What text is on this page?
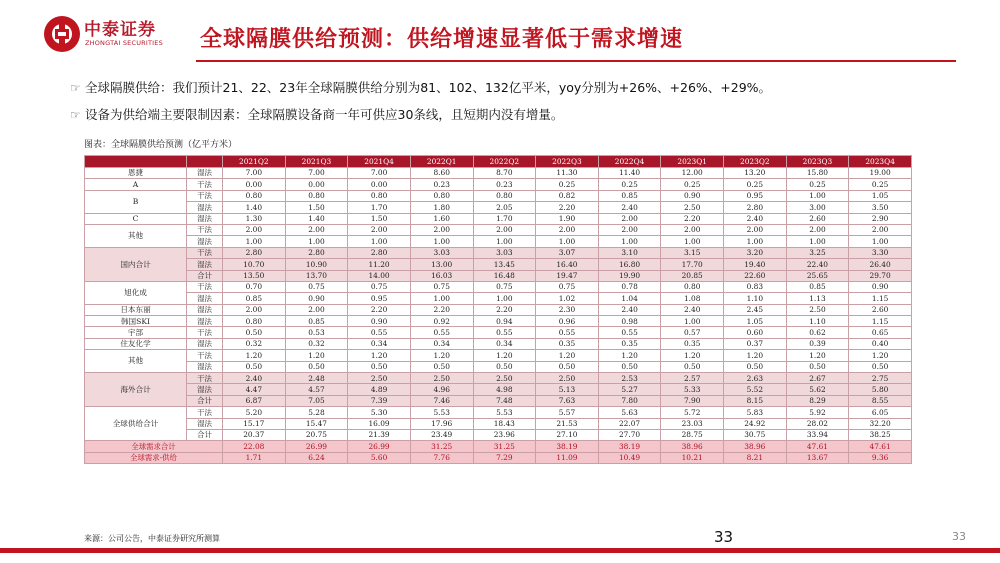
中泰证券
ZHONGTAI SECURITIES 全球隔膜供给预测：供给增速显著低于需求增速
☞ 全球隔膜供给：我们预计21、22、23年全球隔膜供给分别为81、102、132亿平米，yoy分别为+26%、+26%、+29%。
☞ 设备为供给端主要限制因素：全球隔膜设备商一年可供应30条线，且短期内没有增量。
图表：全球隔膜供给预测（亿平方米）
		2021Q2	2021Q3	2021Q4	2022Q1	2022Q2	2022Q3	2022Q4	2023Q1	2023Q2	2023Q3	2023Q4
恩捷	湿法	7.00	7.00	7.00	8.60	8.70	11.30	11.40	12.00	13.20	15.80	19.00
A	干法	0.00	0.00	0.00	0.23	0.23	0.25	0.25	0.25	0.25	0.25	0.25
B	干法	0.80	0.80	0.80	0.80	0.80	0.82	0.85	0.90	0.95	1.00	1.05
	湿法	1.40	1.50	1.70	1.80	2.05	2.20	2.40	2.50	2.80	3.00	3.50
C	湿法	1.30	1.40	1.50	1.60	1.70	1.90	2.00	2.20	2.40	2.60	2.90
其他	干法	2.00	2.00	2.00	2.00	2.00	2.00	2.00	2.00	2.00	2.00	2.00
	湿法	1.00	1.00	1.00	1.00	1.00	1.00	1.00	1.00	1.00	1.00	1.00
国内合计	干法	2.80	2.80	2.80	3.03	3.03	3.07	3.10	3.15	3.20	3.25	3.30
	湿法	10.70	10.90	11.20	13.00	13.45	16.40	16.80	17.70	19.40	22.40	26.40
	合计	13.50	13.70	14.00	16.03	16.48	19.47	19.90	20.85	22.60	25.65	29.70
旭化成	干法	0.70	0.75	0.75	0.75	0.75	0.75	0.78	0.80	0.83	0.85	0.90
	湿法	0.85	0.90	0.95	1.00	1.00	1.02	1.04	1.08	1.10	1.13	1.15
日本东丽	湿法	2.00	2.00	2.20	2.20	2.20	2.30	2.40	2.40	2.45	2.50	2.60
韩国SKI	湿法	0.80	0.85	0.90	0.92	0.94	0.96	0.98	1.00	1.05	1.10	1.15
宇部	干法	0.50	0.53	0.55	0.55	0.55	0.55	0.55	0.57	0.60	0.62	0.65
住友化学	湿法	0.32	0.32	0.34	0.34	0.34	0.35	0.35	0.35	0.37	0.39	0.40
其他	干法	1.20	1.20	1.20	1.20	1.20	1.20	1.20	1.20	1.20	1.20	1.20
	湿法	0.50	0.50	0.50	0.50	0.50	0.50	0.50	0.50	0.50	0.50	0.50
海外合计	干法	2.40	2.48	2.50	2.50	2.50	2.50	2.53	2.57	2.63	2.67	2.75
	湿法	4.47	4.57	4.89	4.96	4.98	5.13	5.27	5.33	5.52	5.62	5.80
	合计	6.87	7.05	7.39	7.46	7.48	7.63	7.80	7.90	8.15	8.29	8.55
全球供给合计	干法	5.20	5.28	5.30	5.53	5.53	5.57	5.63	5.72	5.83	5.92	6.05
	湿法	15.17	15.47	16.09	17.96	18.43	21.53	22.07	23.03	24.92	28.02	32.20
	合计	20.37	20.75	21.39	23.49	23.96	27.10	27.70	28.75	30.75	33.94	38.25
全球需求合计		22.08	26.99	26.99	31.25	31.25	38.19	38.19	38.96	38.96	47.61	47.61
全球需求-供给		1.71	6.24	5.60	7.76	7.29	11.09	10.49	10.21	8.21	13.67	9.36
来源：公司公告，中泰证券研究所测算	33	33
